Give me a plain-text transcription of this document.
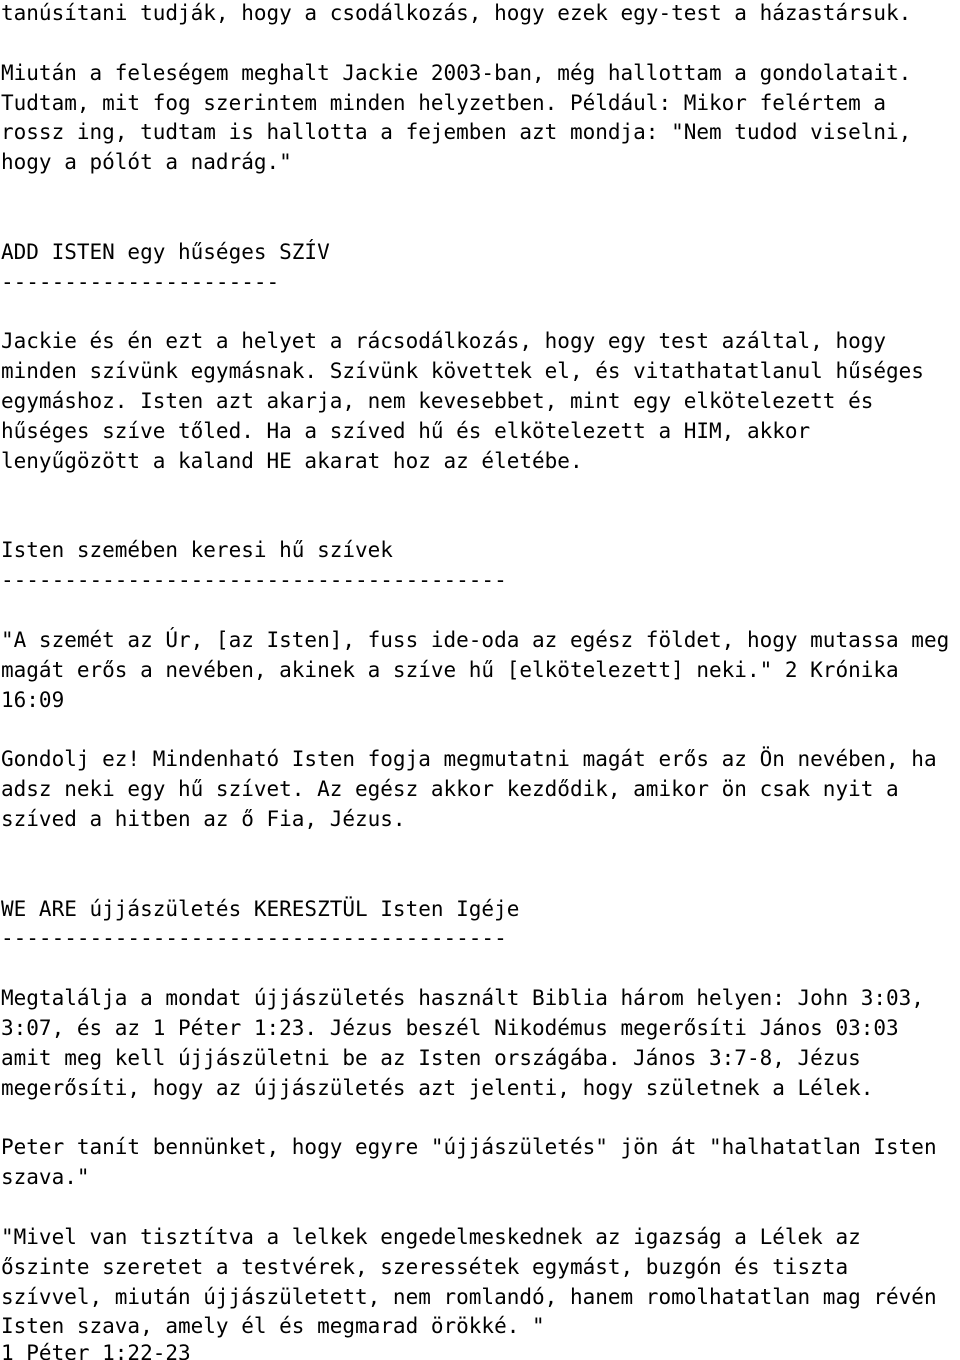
tanúsítani tudják, hogy a csodálkozás, hogy ezek egy-test a házastársuk.
Miután a feleségem meghalt Jackie 2003-ban, még hallottam a gondolatait.
Tudtam, mit fog szerintem minden helyzetben. Például: Mikor felértem a
rossz ing, tudtam is hallotta a fejemben azt mondja: "Nem tudod viselni,
hogy a pólót a nadrág."
ADD ISTEN egy hűséges SZÍV
----------------------
Jackie és én ezt a helyet a rácsodálkozás, hogy egy test azáltal, hogy
minden szívünk egymásnak. Szívünk követtek el, és vitathatatlanul hűséges
egymáshoz. Isten azt akarja, nem kevesebbet, mint egy elkötelezett és
hűséges szíve tőled. Ha a szíved hű és elkötelezett a HIM, akkor
lenyűgözött a kaland HE akarat hoz az életébe.
Isten szemében keresi hű szívek
----------------------------------------
"A szemét az Úr, [az Isten], fuss ide-oda az egész földet, hogy mutassa meg
magát erős a nevében, akinek a szíve hű [elkötelezett] neki." 2 Krónika
16:09
Gondolj ez! Mindenható Isten fogja megmutatni magát erős az Ön nevében, ha
adsz neki egy hű szívet. Az egész akkor kezdődik, amikor ön csak nyit a
szíved a hitben az ő Fia, Jézus.
WE ARE újjászületés KERESZTÜL Isten Igéje
----------------------------------------
Megtalálja a mondat újjászületés használt Biblia három helyen: John 3:03,
3:07, és az 1 Péter 1:23. Jézus beszél Nikodémus megerősíti János 03:03
amit meg kell újjászületni be az Isten országába. János 3:7-8, Jézus
megerősíti, hogy az újjászületés azt jelenti, hogy születnek a Lélek.
Peter tanít bennünket, hogy egyre "újjászületés" jön át "halhatatlan Isten
szava."
"Mivel van tisztítva a lelkek engedelmeskednek az igazság a Lélek az
őszinte szeretet a testvérek, szeressétek egymást, buzgón és tiszta
szívvel, miután újjászületett, nem romlandó, hanem romolhatatlan mag révén
Isten szava, amely él és megmarad örökké. "
1 Péter 1:22-23
